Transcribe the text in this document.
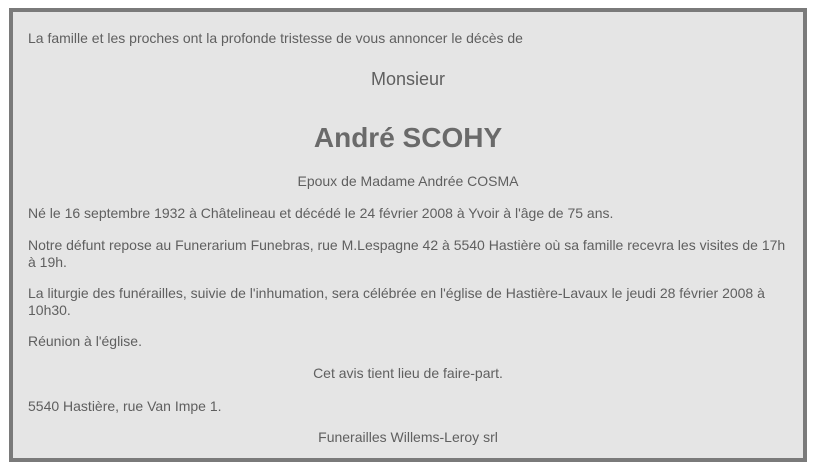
La famille et les proches ont la profonde tristesse de vous annoncer le décès de

Monsieur

André SCOHY

Epoux de Madame Andrée COSMA

Né le 16 septembre 1932 à Châtelineau et décédé le 24 février 2008 à Yvoir à l'âge de 75 ans.

Notre défunt repose au Funerarium Funebras, rue M.Lespagne 42 à 5540 Hastière où sa famille recevra les visites de 17h à 19h.

La liturgie des funérailles, suivie de l'inhumation, sera célébrée en l'église de Hastière-Lavaux le jeudi 28 février 2008 à 10h30.

Réunion à l'église.

Cet avis tient lieu de faire-part.

5540 Hastière, rue Van Impe 1.

Funerailles Willems-Leroy srl
